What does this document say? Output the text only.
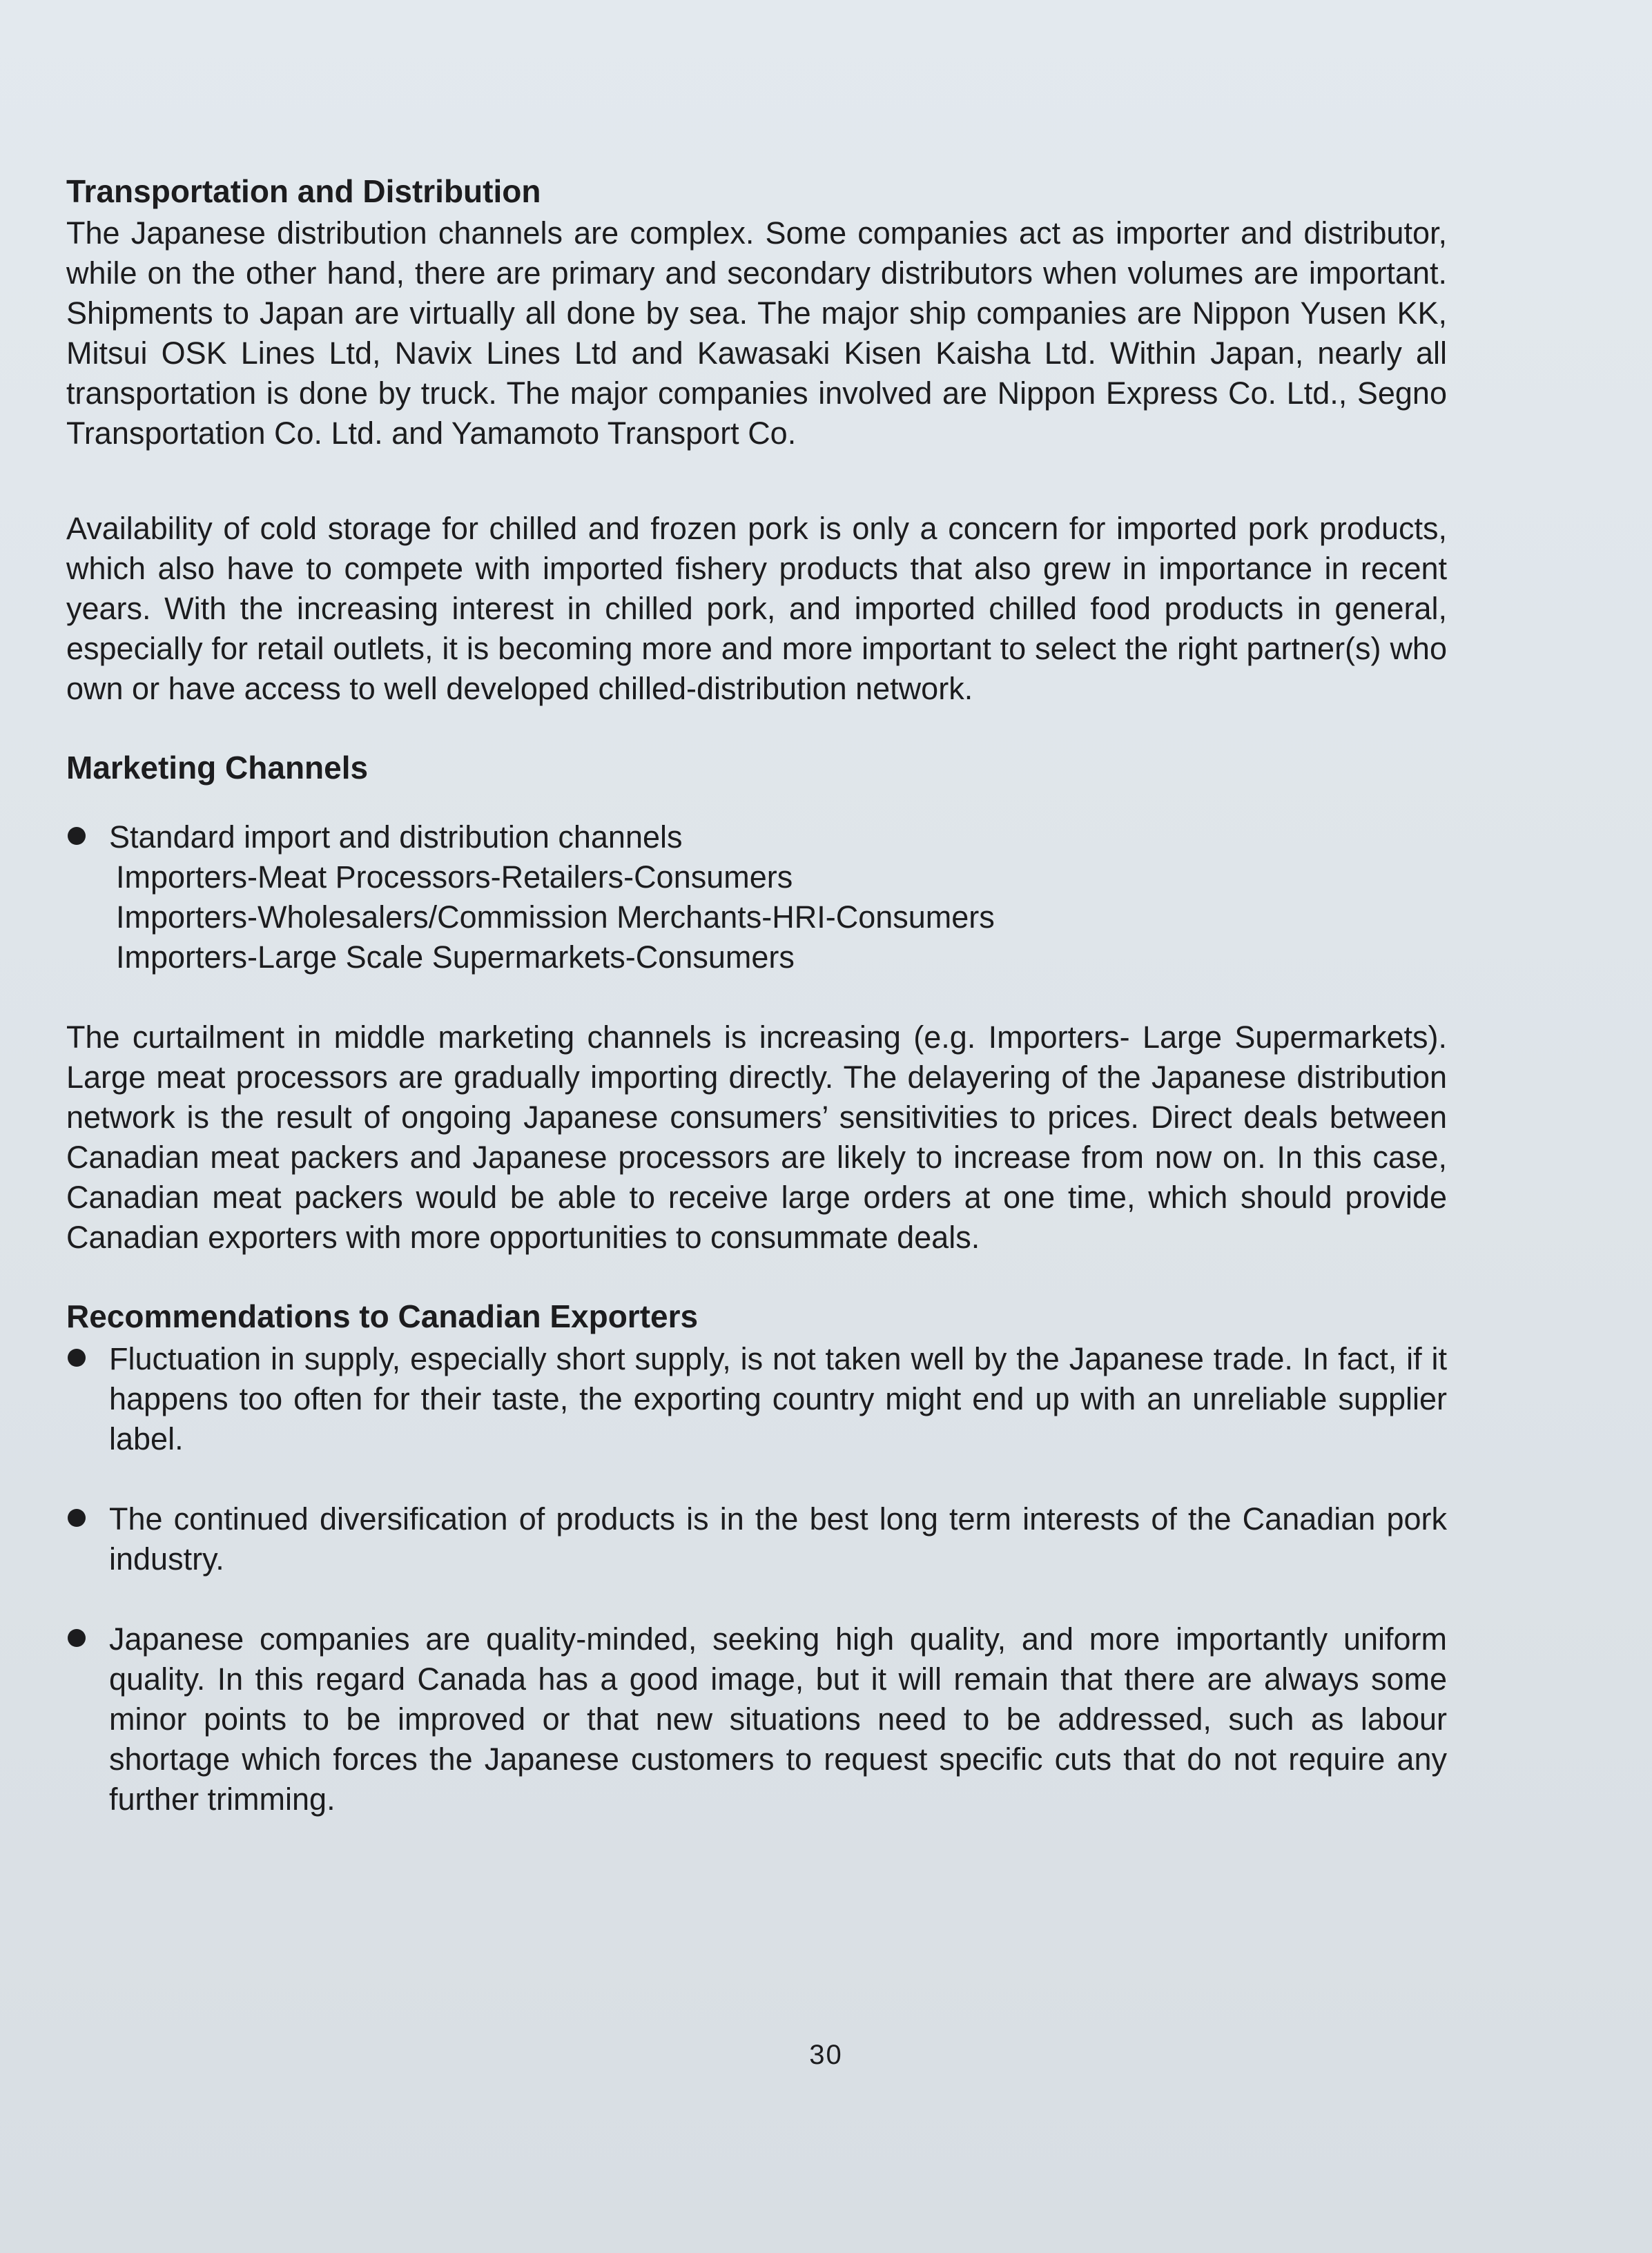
Transportation and Distribution

The Japanese distribution channels are complex. Some companies act as importer and distributor, while on the other hand, there are primary and secondary distributors when volumes are important. Shipments to Japan are virtually all done by sea. The major ship companies are Nippon Yusen KK, Mitsui OSK Lines Ltd, Navix Lines Ltd and Kawasaki Kisen Kaisha Ltd. Within Japan, nearly all transportation is done by truck. The major companies involved are Nippon Express Co. Ltd., Segno Transportation Co. Ltd. and Yamamoto Transport Co.

Availability of cold storage for chilled and frozen pork is only a concern for imported pork products, which also have to compete with imported fishery products that also grew in importance in recent years. With the increasing interest in chilled pork, and imported chilled food products in general, especially for retail outlets, it is becoming more and more important to select the right partner(s) who own or have access to well developed chilled-distribution network.

Marketing Channels
Standard import and distribution channels
Importers-Meat Processors-Retailers-Consumers
Importers-Wholesalers/Commission Merchants-HRI-Consumers
Importers-Large Scale Supermarkets-Consumers

The curtailment in middle marketing channels is increasing (e.g. Importers- Large Supermarkets). Large meat processors are gradually importing directly. The delayering of the Japanese distribution network is the result of ongoing Japanese consumers’ sensitivities to prices. Direct deals between Canadian meat packers and Japanese processors are likely to increase from now on. In this case, Canadian meat packers would be able to receive large orders at one time, which should provide Canadian exporters with more opportunities to consummate deals.

Recommendations to Canadian Exporters
Fluctuation in supply, especially short supply, is not taken well by the Japanese trade. In fact, if it happens too often for their taste, the exporting country might end up with an unreliable supplier label.
The continued diversification of products is in the best long term interests of the Canadian pork industry.
Japanese companies are quality-minded, seeking high quality, and more importantly uniform quality. In this regard Canada has a good image, but it will remain that there are always some minor points to be improved or that new situations need to be addressed, such as labour shortage which forces the Japanese customers to request specific cuts that do not require any further trimming.
30
